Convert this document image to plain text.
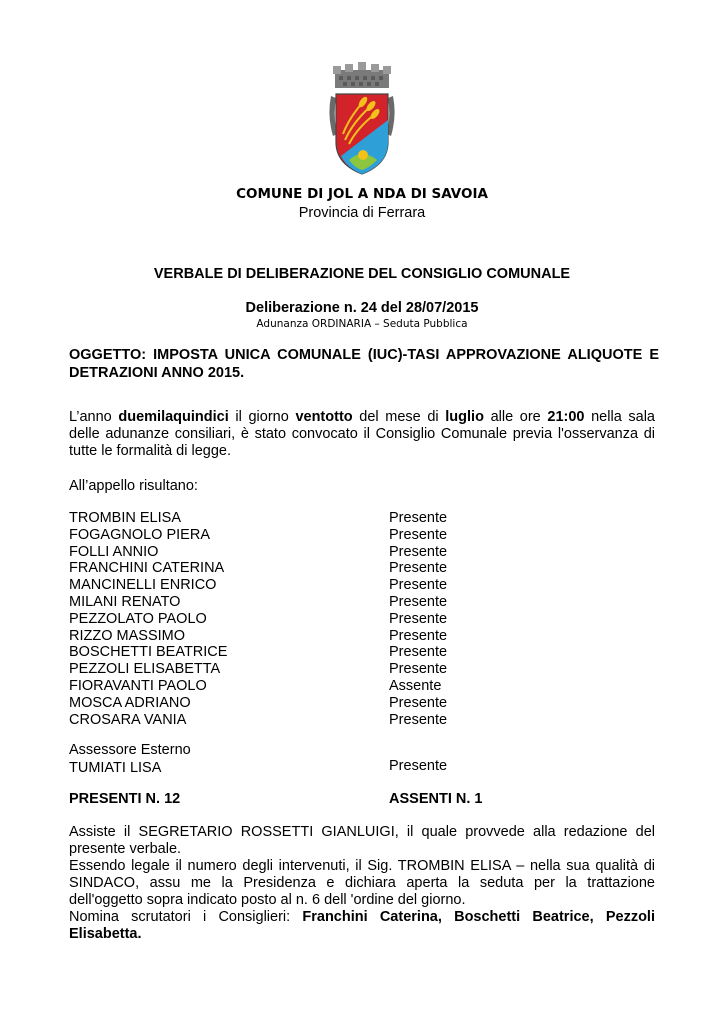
COMUNE DI JOL A NDA DI SAVOIA
Provincia di Ferrara
VERBALE DI DELIBERAZIONE DEL CONSIGLIO COMUNALE
Deliberazione n. 24 del 28/07/2015
Adunanza ORDINARIA – Seduta Pubblica
OGGETTO: IMPOSTA UNICA COMUNALE (IUC)-TASI APPROVAZIONE ALIQUOTE E
DETRAZIONI ANNO 2015.
L’anno duemilaquindici il giorno ventotto del mese di luglio alle ore 21:00 nella sala delle adunanze consiliari, è stato convocato il Consiglio Comunale previa l'osservanza di tutte le formalità di legge.
All’appello risultano:
TROMBIN ELISA	Presente
FOGAGNOLO PIERA	Presente
FOLLI ANNIO	Presente
FRANCHINI CATERINA	Presente
MANCINELLI ENRICO	Presente
MILANI RENATO	Presente
PEZZOLATO PAOLO	Presente
RIZZO MASSIMO	Presente
BOSCHETTI BEATRICE	Presente
PEZZOLI ELISABETTA	Presente
FIORAVANTI PAOLO	Assente
MOSCA ADRIANO	Presente
CROSARA VANIA	Presente
Assessore Esterno
TUMIATI LISA	Presente
PRESENTI N. 12	ASSENTI N. 1
Assiste il SEGRETARIO ROSSETTI GIANLUIGI, il quale provvede alla redazione del
presente verbale.
Essendo legale il numero degli intervenuti, il Sig. TROMBIN ELISA – nella sua qualità di
SINDACO, assu me la Presidenza e dichiara aperta la seduta per la trattazione
dell'oggetto sopra indicato posto al n. 6 dell 'ordine del giorno.
Nomina scrutatori i Consiglieri: Franchini Caterina, Boschetti Beatrice, Pezzoli
Elisabetta.
